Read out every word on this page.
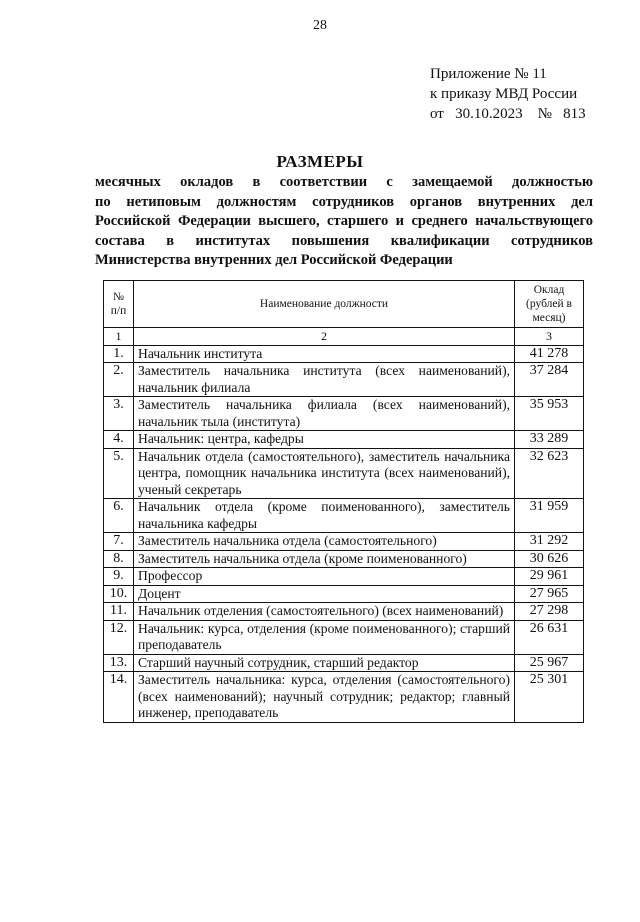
28
Приложение № 11
к приказу МВД России
от   30.10.2023    №   813
РАЗМЕРЫ
месячных окладов в соответствии с замещаемой должностью
по нетиповым должностям сотрудников органов внутренних дел
Российской Федерации высшего, старшего и среднего начальствующего
состава в институтах повышения квалификации сотрудников
Министерства внутренних дел Российской Федерации
№ п/п	Наименование должности	Оклад (рублей в месяц)
1	2	3
1.	Начальник института	41 278
2.	Заместитель начальника института (всех наименований), начальник филиала	37 284
3.	Заместитель начальника филиала (всех наименований), начальник тыла (института)	35 953
4.	Начальник: центра, кафедры	33 289
5.	Начальник отдела (самостоятельного), заместитель начальника центра, помощник начальника института (всех наименований), ученый секретарь	32 623
6.	Начальник отдела (кроме поименованного), заместитель начальника кафедры	31 959
7.	Заместитель начальника отдела (самостоятельного)	31 292
8.	Заместитель начальника отдела (кроме поименованного)	30 626
9.	Профессор	29 961
10.	Доцент	27 965
11.	Начальник отделения (самостоятельного) (всех наименований)	27 298
12.	Начальник: курса, отделения (кроме поименованного); старший преподаватель	26 631
13.	Старший научный сотрудник, старший редактор	25 967
14.	Заместитель начальника: курса, отделения (самостоятельного) (всех наименований); научный сотрудник; редактор; главный инженер, преподаватель	25 301
